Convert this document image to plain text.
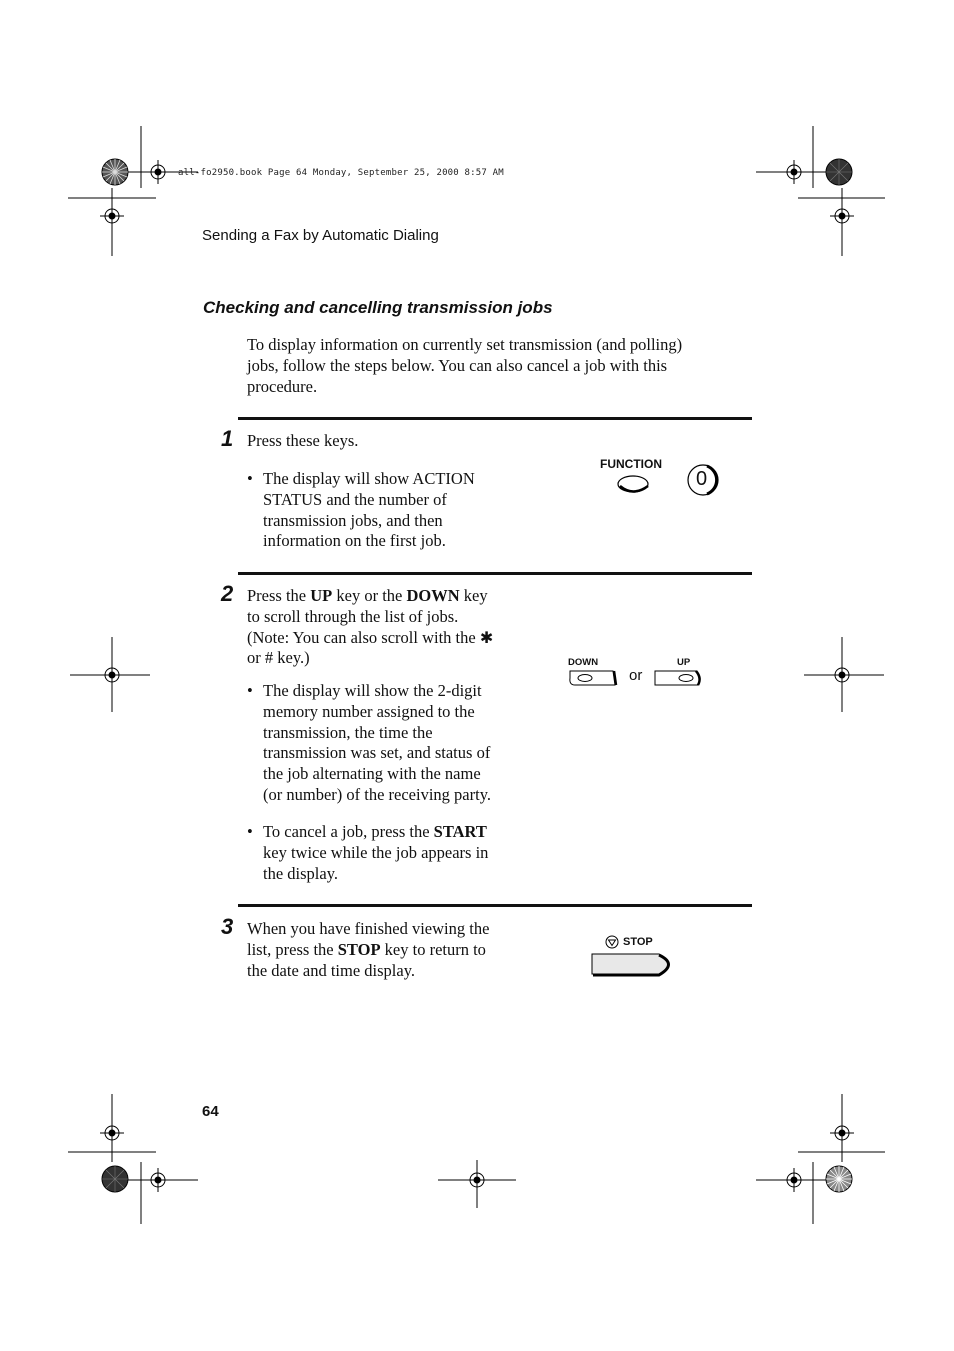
all-fo2950.book Page 64 Monday, September 25, 2000 8:57 AM
Sending a Fax by Automatic Dialing
Checking and cancelling transmission jobs
To display information on currently set transmission (and polling)
jobs, follow the steps below. You can also cancel a job with this
procedure.
1 Press these keys.
• The display will show ACTION
STATUS and the number of
transmission jobs, and then
information on the first job.
FUNCTION
0
2 Press the UP key or the DOWN key
to scroll through the list of jobs.
(Note: You can also scroll with the ✱
or # key.)
• The display will show the 2-digit
memory number assigned to the
transmission, the time the
transmission was set, and status of
the job alternating with the name
(or number) of the receiving party.
• To cancel a job, press the START
key twice while the job appears in
the display.
DOWN	UP
or
3 When you have finished viewing the
list, press the STOP key to return to
the date and time display.
STOP
64
